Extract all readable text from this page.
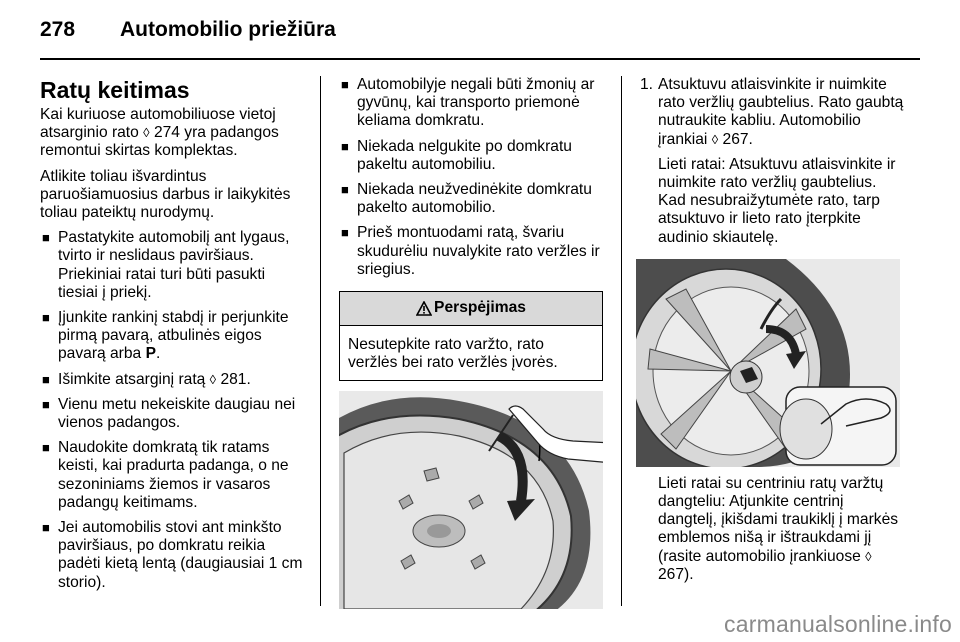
278 Automobilio priežiūra
Ratų keitimas
Kai kuriuose automobiliuose vietoj atsarginio rato ◊ 274 yra padangos remontui skirtas komplektas.
Atlikite toliau išvardintus paruošiamuosius darbus ir laikykitės toliau pateiktų nurodymų.
■ Pastatykite automobilį ant lygaus, tvirto ir neslidaus paviršiaus. Priekiniai ratai turi būti pasukti tiesiai į priekį.
■ Įjunkite rankinį stabdį ir perjunkite pirmą pavarą, atbulinės eigos pavarą arba P.
■ Išimkite atsarginį ratą ◊ 281.
■ Vienu metu nekeiskite daugiau nei vienos padangos.
■ Naudokite domkratą tik ratams keisti, kai pradurta padanga, o ne sezoniniams žiemos ir vasaros padangų keitimams.
■ Jei automobilis stovi ant minkšto paviršiaus, po domkratu reikia padėti kietą lentą (daugiausiai 1 cm storio).
■ Automobilyje negali būti žmonių ar gyvūnų, kai transporto priemonė keliama domkratu.
■ Niekada nelgukite po domkratu pakeltu automobiliu.
■ Niekada neužvedinėkite domkratu pakelto automobilio.
■ Prieš montuodami ratą, švariu skudurėliu nuvalykite rato veržles ir sriegius.
Perspėjimas
Nesutepkite rato varžto, rato veržlės bei rato veržlės įvorės.
1. Atsuktuvu atlaisvinkite ir nuimkite rato veržlių gaubtelius. Rato gaubtą nutraukite kabliu. Automobilio įrankiai ◊ 267.
Lieti ratai: Atsuktuvu atlaisvinkite ir nuimkite rato veržlių gaubtelius. Kad nesubraižytumėte rato, tarp atsuktuvo ir lieto rato įterpkite audinio skiautelę.
Lieti ratai su centriniu ratų varžtų dangteliu: Atjunkite centrinį dangtelį, įkišdami traukiklį į markės emblemos nišą ir ištraukdami jį (rasite automobilio įrankiuose ◊ 267).
carmanualsonline.info
